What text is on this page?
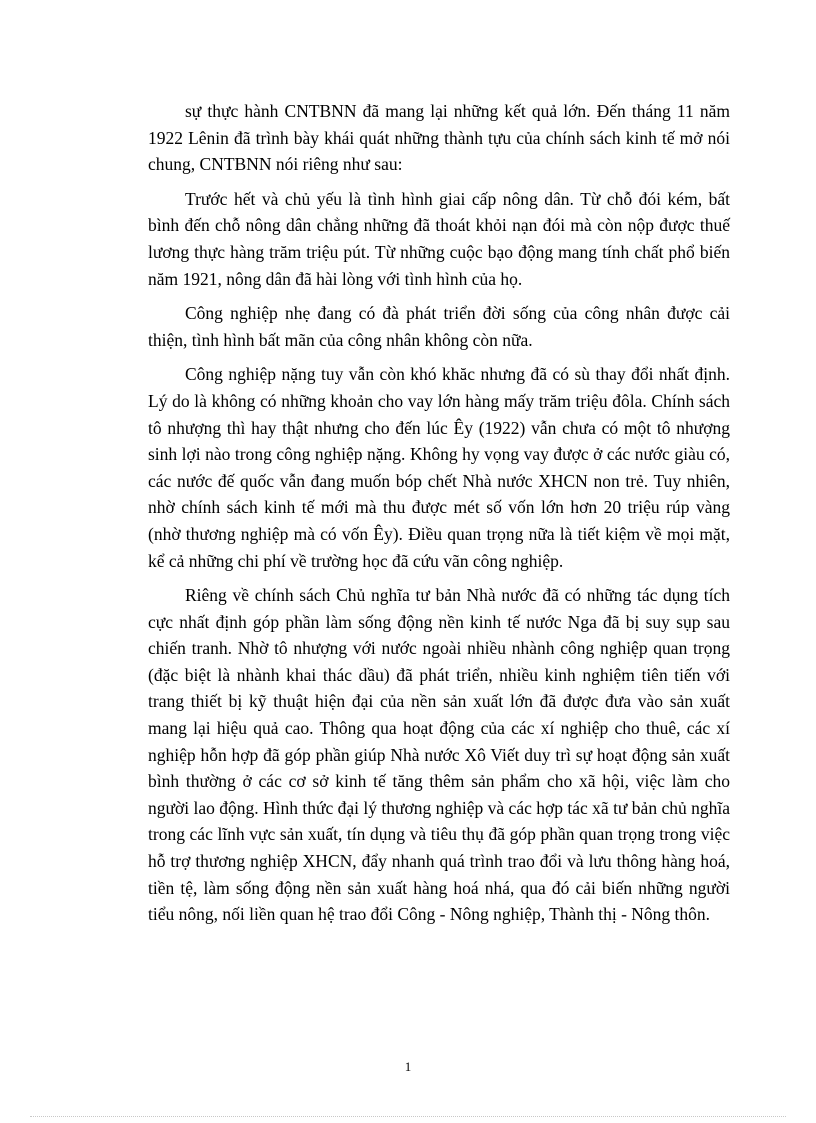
sự thực hành CNTBNN đã mang lại những kết quả lớn. Đến tháng 11 năm 1922 Lênin đã trình bày khái quát những thành tựu của chính sách kinh tế mở nói chung, CNTBNN nói riêng như sau:

Trước hết và chủ yếu là tình hình giai cấp nông dân. Từ chỗ đói kém, bất bình đến chỗ nông dân chẳng những đã thoát khỏi nạn đói mà còn nộp được thuế lương thực hàng trăm triệu pút. Từ những cuộc bạo động mang tính chất phổ biến năm 1921, nông dân đã hài lòng với tình hình của họ.

Công nghiệp nhẹ đang có đà phát triển đời sống của công nhân được cải thiện, tình hình bất mãn của công nhân không còn nữa.

Công nghiệp nặng tuy vẫn còn khó khăc nhưng đã có sù thay đổi nhất định. Lý do là không có những khoản cho vay lớn hàng mấy trăm triệu đôla. Chính sách tô nhượng thì hay thật nhưng cho đến lúc Êy (1922) vẫn chưa có một tô nhượng sinh lợi nào trong công nghiệp nặng. Không hy vọng vay được ở các nước giàu có, các nước đế quốc vẫn đang muốn bóp chết Nhà nước XHCN non trẻ. Tuy nhiên, nhờ chính sách kinh tế mới mà thu được mét số vốn lớn hơn 20 triệu rúp vàng (nhờ thương nghiệp mà có vốn Êy). Điều quan trọng nữa là tiết kiệm về mọi mặt, kể cả những chi phí về trường học đã cứu vãn công nghiệp.

Riêng về chính sách Chủ nghĩa tư bản Nhà nước đã có những tác dụng tích cực nhất định góp phần làm sống động nền kinh tế nước Nga đã bị suy sụp sau chiến tranh. Nhờ tô nhượng với nước ngoài nhiều nhành công nghiệp quan trọng (đặc biệt là nhành khai thác dầu) đã phát triển, nhiều kinh nghiệm tiên tiến với trang thiết bị kỹ thuật hiện đại của nền sản xuất lớn đã được đưa vào sản xuất mang lại hiệu quả cao. Thông qua hoạt động của các xí nghiệp cho thuê, các xí nghiệp hỗn hợp đã góp phần giúp Nhà nước Xô Viết duy trì sự hoạt động sản xuất bình thường ở các cơ sở kinh tế tăng thêm sản phẩm cho xã hội, việc làm cho người lao động. Hình thức đại lý thương nghiệp và các hợp tác xã tư bản chủ nghĩa trong các lĩnh vực sản xuất, tín dụng và tiêu thụ đã góp phần quan trọng trong việc hỗ trợ thương nghiệp XHCN, đẩy nhanh quá trình trao đổi và lưu thông hàng hoá, tiền tệ, làm sống động nền sản xuất hàng hoá nhá, qua đó cải biến những người tiểu nông, nối liền quan hệ trao đổi Công - Nông nghiệp, Thành thị - Nông thôn.

1
